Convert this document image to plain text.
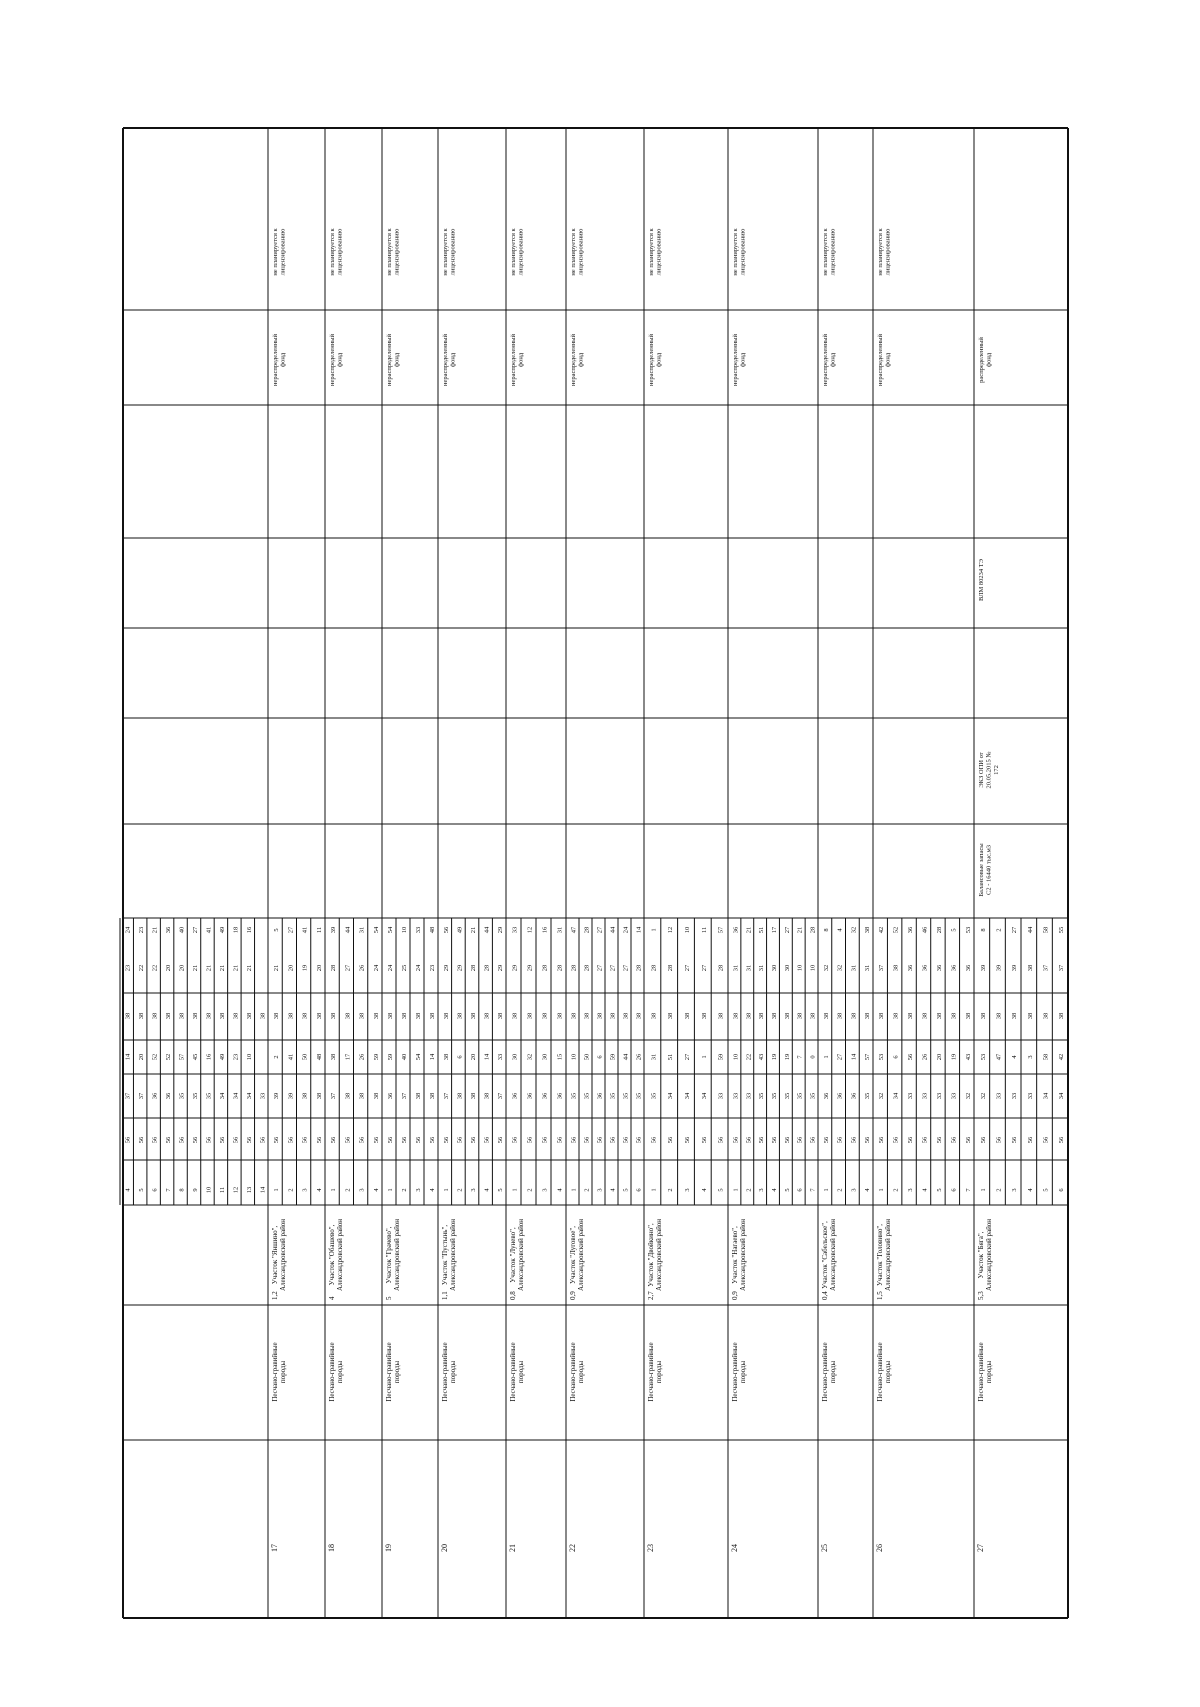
4
56
37
14
38
23
24
5
56
37
20
38
22
23
6
56
36
52
38
22
21
7
56
36
52
38
20
36
8
56
35
57
38
20
40
9
56
35
45
38
21
27
10
56
35
16
38
21
41
11
56
34
49
38
21
49
12
56
34
23
38
21
18
13
56
34
10
38
21
16
14
56
33
38
1
56
39
2
38
21
5
2
56
39
41
38
20
27
3
56
38
50
38
19
41
4
56
38
48
38
20
11
17
Песчано-гравийныепороды
Участок "Яншино",Александровский район
1,2
нераспределенныйфонд
не планируется клицензированию
1
56
37
38
38
28
39
2
56
38
17
38
27
44
3
56
38
26
38
26
31
4
56
38
59
38
24
54
18
Песчано-гравийныепороды
Участок "Обашево",Александровский район
4
нераспределенныйфонд
не планируется клицензированию
1
56
36
59
38
24
54
2
56
37
40
38
25
10
3
56
38
54
38
24
33
4
56
38
14
38
23
48
19
Песчано-гравийныепороды
Участок "Грачево",Александровский район
5
нераспределенныйфонд
не планируется клицензированию
1
56
37
38
38
29
56
2
56
38
6
38
29
49
3
56
38
20
38
28
21
4
56
38
14
38
28
44
5
56
37
33
38
29
29
20
Песчано-гравийныепороды
Участок "Пустынь",Александровский район
1,1
нераспределенныйфонд
не планируется клицензированию
1
56
36
30
38
29
33
2
56
36
32
38
29
12
3
56
36
30
38
28
16
4
56
36
15
38
28
31
21
Песчано-гравийныепороды
Участок "Лунево",Александровский район
0,8
нераспределенныйфонд
не планируется клицензированию
1
56
35
10
38
28
47
2
56
35
50
38
28
28
3
56
36
6
38
27
27
4
56
35
59
38
27
44
5
56
35
44
38
27
24
6
56
35
26
38
28
14
22
Песчано-гравийныепороды
Участок "Луговое",Александровский район
0,9
нераспределенныйфонд
не планируется клицензированию
1
56
35
31
38
28
1
2
56
34
51
38
28
12
3
56
34
27
38
27
10
4
56
34
1
38
27
11
5
56
33
59
38
28
57
23
Песчано-гравийныепороды
Участок "Двойкино",Александровский район
2,7
нераспределенныйфонд
не планируется клицензированию
1
56
33
10
38
31
36
2
56
33
22
38
31
21
3
56
35
43
38
31
51
4
56
35
19
38
30
17
5
56
35
19
38
30
27
6
56
35
7
38
10
21
7
56
35
0
38
10
28
24
Песчано-гравийныепороды
Участок "Нагаево",Александровский район
0,9
нераспределенныйфонд
не планируется клицензированию
1
56
36
1
38
32
8
2
56
36
27
38
32
4
3
56
36
14
38
31
32
4
56
35
57
38
31
38
25
Песчано-гравийныепороды
Участок "Сабельское",Александровский район
0,4
нераспределенныйфонд
не планируется клицензированию
1
56
32
53
38
37
42
2
56
34
6
38
38
52
3
56
33
56
38
36
36
4
56
33
26
38
36
46
5
56
33
20
38
36
28
6
56
33
19
38
36
5
7
56
32
43
38
36
53
26
Песчано-гравийныепороды
Участок "Головино",Александровский район
1,5
нераспределенныйфонд
не планируется клицензированию
1
56
32
53
38
39
8
2
56
33
47
38
39
2
3
56
33
4
38
39
27
4
56
33
3
38
38
44
5
56
34
58
38
37
58
6
56
34
42
38
37
55
27
Песчано-гравийныепороды
Участок "Бяга",Александровский район
5,3
распределенныйфонд
Балансовые запасыС2 - 16440 тыс.м3
ЭКЗ ОПИ от20.05.2015 №172
ВЛМ 80234 ТЭ
